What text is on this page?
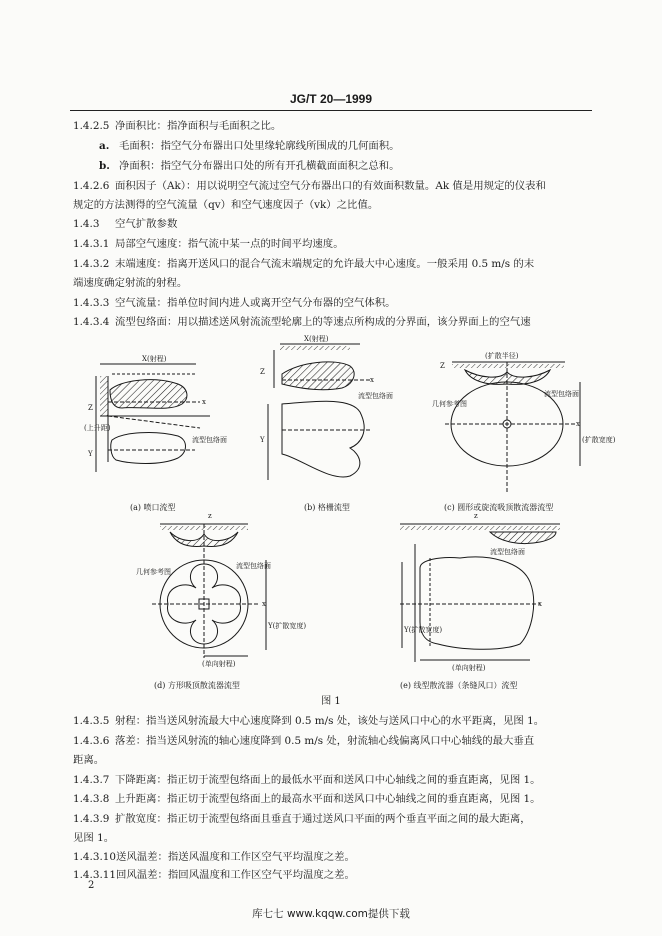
JG/T 20—1999
1.4.2.5 净面积比：指净面积与毛面积之比。
a. 毛面积：指空气分布器出口处里缘轮廓线所围成的几何面积。
b. 净面积：指空气分布器出口处的所有开孔横截面面积之总和。
1.4.2.6 面积因子（Ak）：用以说明空气流过空气分布器出口的有效面积数量。Ak 值是用规定的仪表和
规定的方法测得的空气流量（qv）和空气速度因子（vk）之比值。
1.4.3 空气扩散参数
1.4.3.1 局部空气速度：指气流中某一点的时间平均速度。
1.4.3.2 末端速度：指离开送风口的混合气流末端规定的允许最大中心速度。一般采用 0.5 m/s 的末
端速度确定射流的射程。
1.4.3.3 空气流量：指单位时间内进人或离开空气分布器的空气体积。
1.4.3.4 流型包络面：用以描述送风射流流型轮廓上的等速点所构成的分界面，该分界面上的空气速
X(射程)
Z
(上升距)
Y
x
流型包络面
X(射程)
Z
Y
流型包络面
x
(扩散半径)
几何参考图
流型包络面
Z
x
(扩散宽度)
几何参考图
流型包络面
x
z
Y(扩散宽度)
(单向射程)
流型包络面
x
z
Y(扩散宽度)
(单向射程)
(a) 喷口流型	(b) 格栅流型	(c) 圆形或旋流吸顶散流器流型
(d) 方形吸顶散流器流型	(e) 线型散流器（条缝风口）流型
图 1
1.4.3.5 射程：指当送风射流最大中心速度降到 0.5 m/s 处，该处与送风口中心的水平距离，见图 1。
1.4.3.6 落差：指当送风射流的轴心速度降到 0.5 m/s 处，射流轴心线偏离风口中心轴线的最大垂直
距离。
1.4.3.7 下降距离：指正切于流型包络面上的最低水平面和送风口中心轴线之间的垂直距离，见图 1。
1.4.3.8 上升距离：指正切于流型包络面上的最高水平面和送风口中心轴线之间的垂直距离，见图 1。
1.4.3.9 扩散宽度：指正切于流型包络面且垂直于通过送风口平面的两个垂直平面之间的最大距离，
见图 1。
1.4.3.10送风温差：指送风温度和工作区空气平均温度之差。
1.4.3.11回风温差：指回风温度和工作区空气平均温度之差。
2
库七七 www.kqqw.com提供下载
